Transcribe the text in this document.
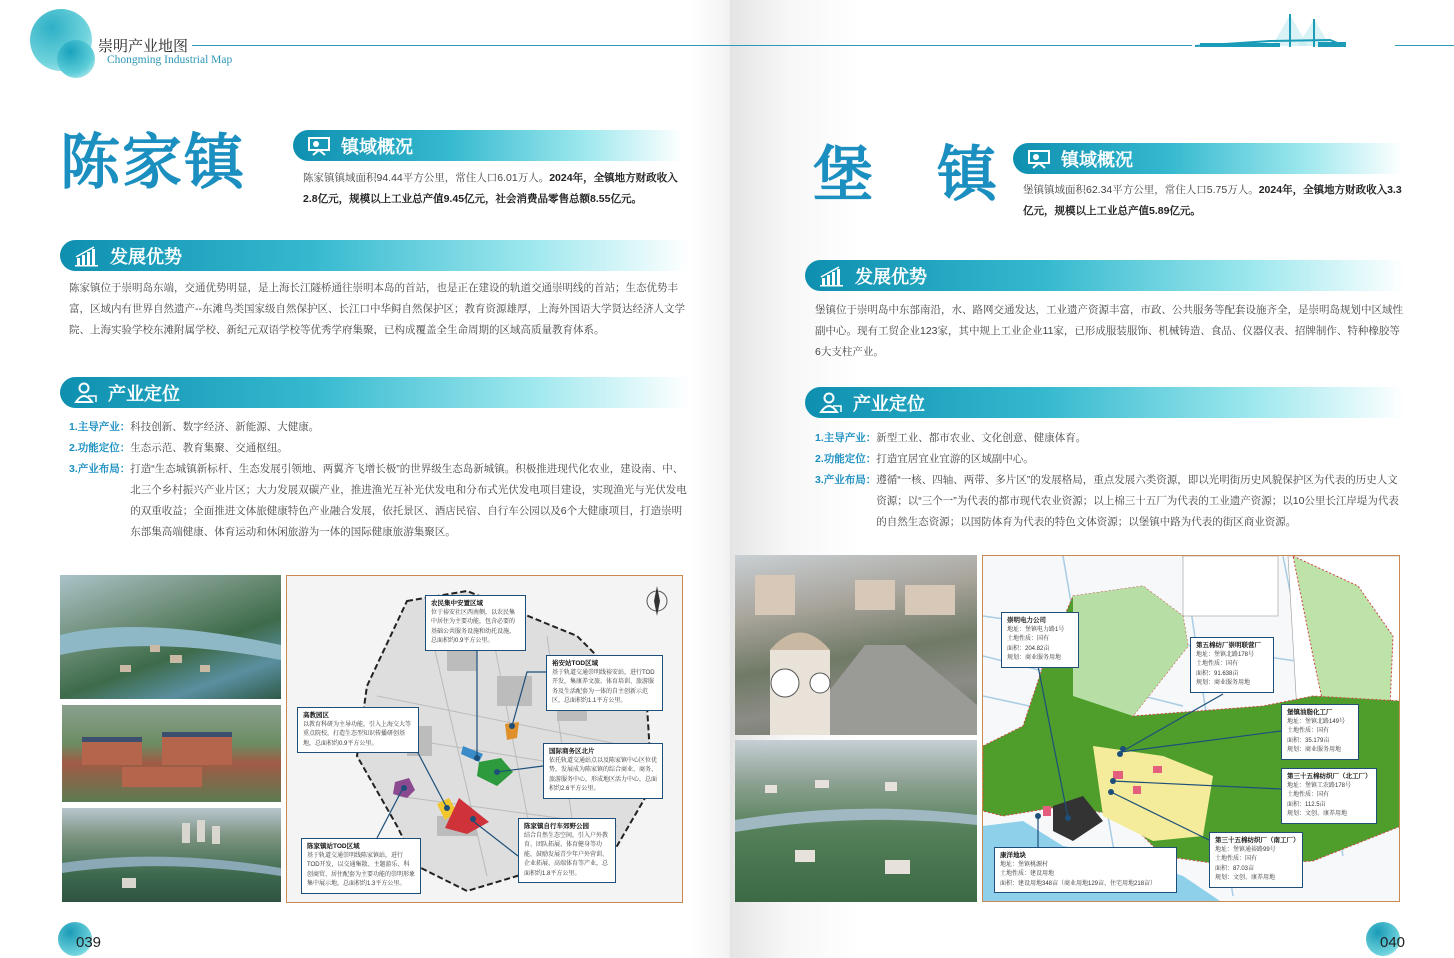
崇明产业地图
Chongming Industrial Map
陈家镇	镇域概况
陈家镇镇域面积94.44平方公里，常住人口6.01万人。2024年，全镇地方财政收入2.8亿元，规模以上工业总产值9.45亿元，社会消费品零售总额8.55亿元。
发展优势
陈家镇位于崇明岛东端，交通优势明显，是上海长江隧桥通往崇明本岛的首站，也是正在建设的轨道交通崇明线的首站；生态优势丰富，区域内有世界自然遗产--东滩鸟类国家级自然保护区、长江口中华鲟自然保护区；教育资源雄厚，上海外国语大学贤达经济人文学院、上海实验学校东滩附属学校、新纪元双语学校等优秀学府集聚，已构成覆盖全生命周期的区域高质量教育体系。
产业定位
1.主导产业： 科技创新、数字经济、新能源、大健康。
2.功能定位： 生态示范、教育集聚、交通枢纽。
3.产业布局： 打造“生态城镇新标杆、生态发展引领地、两翼齐飞增长极”的世界级生态岛新城镇。积极推进现代化农业，建设南、中、北三个乡村振兴产业片区；大力发展双碳产业，推进渔光互补光伏发电和分布式光伏发电项目建设，实现渔光与光伏发电的双重收益；全面推进文体旅健康特色产业融合发展，依托景区、酒店民宿、自行车公园以及6个大健康项目，打造崇明东部集高端健康、体育运动和休闲旅游为一体的国际健康旅游集聚区。
农民集中安置区域
位于裕安社区西南侧，以农民集中居住为主要功能，包含必要的基础公共服务设施和幼托设施，总面积约0.9平方公里。
裕安站TOD区域
基于轨道交通崇明线裕安站，进行TOD开发，集康养文旅、体育培训、旅游服务及生活配套为一体的自主创新示范区，总面积约1.1平方公里。
高教园区
以教育科研为主导功能，引入上海交大等重点院校，打造生态型知识传播研创基地，总面积约0.9平方公里。
国际商务区北片
依托轨道交通站点以及陈家镇中心区位优势，发展成为陈家镇的综合商业、商务、旅游服务中心，形成地区活力中心，总面积约2.6平方公里。
陈家镇自行车郊野公园
结合自然生态空间，引入户外教育、团队拓展、体育健身等功能，鼓励发展青少年户外营训、企业拓展、高端体育等产业，总面积约1.8平方公里。
陈家镇站TOD区域
基于轨道交通崇明线陈家镇站，进行TOD开发，以交通集散、主题游乐、科创商贸、居住配套为主要功能的崇明形象集中展示地，总面积约1.3平方公里。
039
堡　镇	镇域概况
堡镇镇域面积62.34平方公里，常住人口5.75万人。2024年，全镇地方财政收入3.3亿元，规模以上工业总产值5.89亿元。
发展优势
堡镇位于崇明岛中东部南沿，水、路网交通发达，工业遗产资源丰富，市政、公共服务等配套设施齐全，是崇明岛规划中区域性副中心。现有工贸企业123家，其中规上工业企业11家，已形成服装服饰、机械铸造、食品、仪器仪表、招牌制作、特种橡胶等6大支柱产业。
产业定位
1.主导产业： 新型工业、都市农业、文化创意、健康体育。
2.功能定位： 打造宜居宜业宜游的区域副中心。
3.产业布局： 遵循“一核、四轴、两带、多片区”的发展格局，重点发展六类资源，即以光明街历史风貌保护区为代表的历史人文资源；以“三个一”为代表的都市现代农业资源；以上棉三十五厂为代表的工业遗产资源；以10公里长江岸堤为代表的自然生态资源；以国防体育为代表的特色文体资源；以堡镇中路为代表的街区商业资源。
崇明电力公司
地址：堡镇电力路1号
土地性质：国有
面积：204.82亩
规划：商业服务用地
第五棉纺厂崇明联营厂
地址：堡镇北路178号
土地性质：国有
面积：91.638亩
规划：商业服务用地
堡镇油脂化工厂
地址：堡镇北路149号
土地性质：国有
面积：35.179亩
规划：商业服务用地
第三十五棉纺织厂（北工厂）
地址：堡镇工农路178号
土地性质：国有
面积：112.5亩
规划：文创、康养用地
第三十五棉纺织厂（南工厂）
地址：堡镇通裕路99号
土地性质：国有
面积：87.03亩
规划：文创、康养用地
康洋地块
地址：堡镇桃源村
土地性质：建设用地
面积：建设用地348亩（商业用地129亩、住宅用地218亩）
040
